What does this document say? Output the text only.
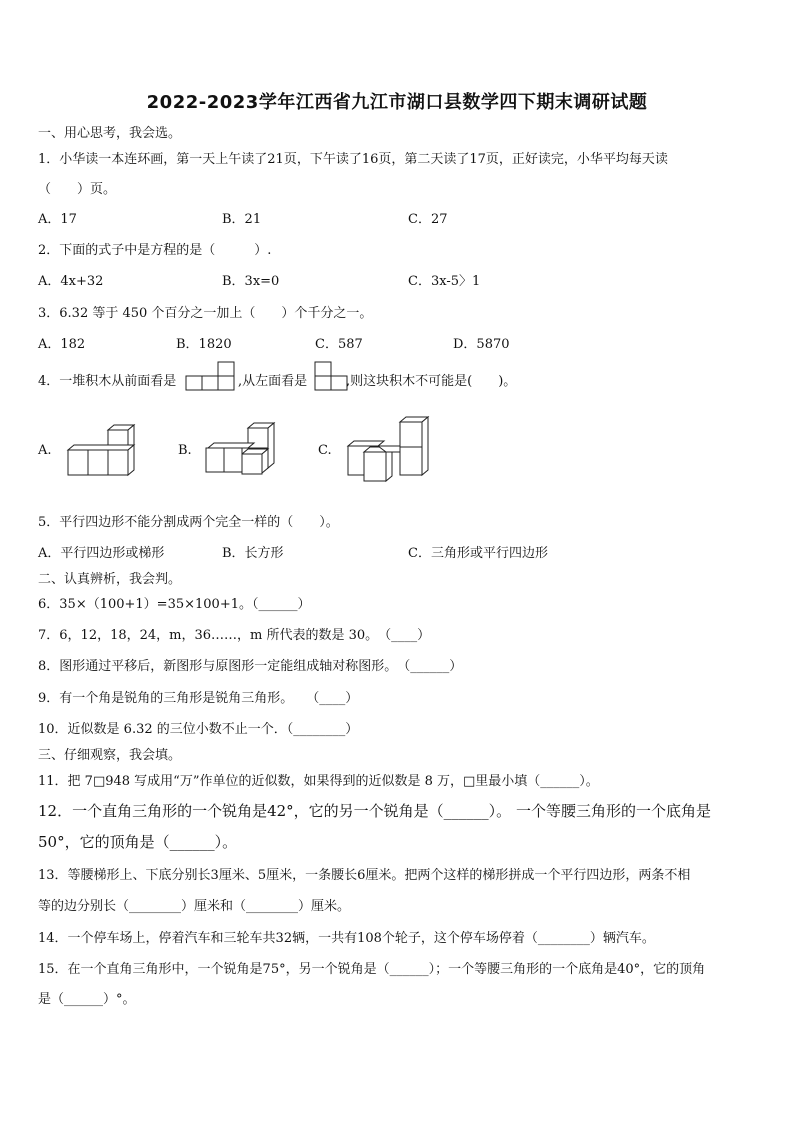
2022-2023学年江西省九江市湖口县数学四下期末调研试题
一、用心思考，我会选。
1．小华读一本连环画，第一天上午读了21页，下午读了16页，第二天读了17页，正好读完，小华平均每天读
（　　）页。
A．17	B．21	C．27
2．下面的式子中是方程的是（　　　）.
A．4x+32	B．3x=0	C．3x-5〉1
3．6.32 等于 450 个百分之一加上（　　）个千分之一。
A．182	B．1820	C．587	D．5870
4．一堆积木从前面看是	,从左面看是	,则这块积木不可能是(　　)。
A.	B.	C.
5．平行四边形不能分割成两个完全一样的（　　）。
A．平行四边形或梯形	B．长方形	C．三角形或平行四边形
二、认真辨析，我会判。
6．35×（100+1）=35×100+1。（______）
7．6，12，18，24，m，36……，m 所代表的数是 30。　（____）
8．图形通过平移后，新图形与原图形一定能组成轴对称图形。　（______）
9．有一个角是锐角的三角形是锐角三角形。　　（____）
10．近似数是 6.32 的三位小数不止一个．（________）
三、仔细观察，我会填。
11．把 7□948 写成用“万”作单位的近似数，如果得到的近似数是 8 万，□里最小填（______）。
12．一个直角三角形的一个锐角是42°，它的另一个锐角是（______）。 一个等腰三角形的一个底角是
50°，它的顶角是（______）。
13．等腰梯形上、下底分别长3厘米、5厘米，一条腰长6厘米。把两个这样的梯形拼成一个平行四边形，两条不相
等的边分别长（________）厘米和（________）厘米。
14．一个停车场上，停着汽车和三轮车共32辆，一共有108个轮子，这个停车场停着（________）辆汽车。
15．在一个直角三角形中，一个锐角是75°，另一个锐角是（______）；一个等腰三角形的一个底角是40°，它的顶角
是（______）°。
